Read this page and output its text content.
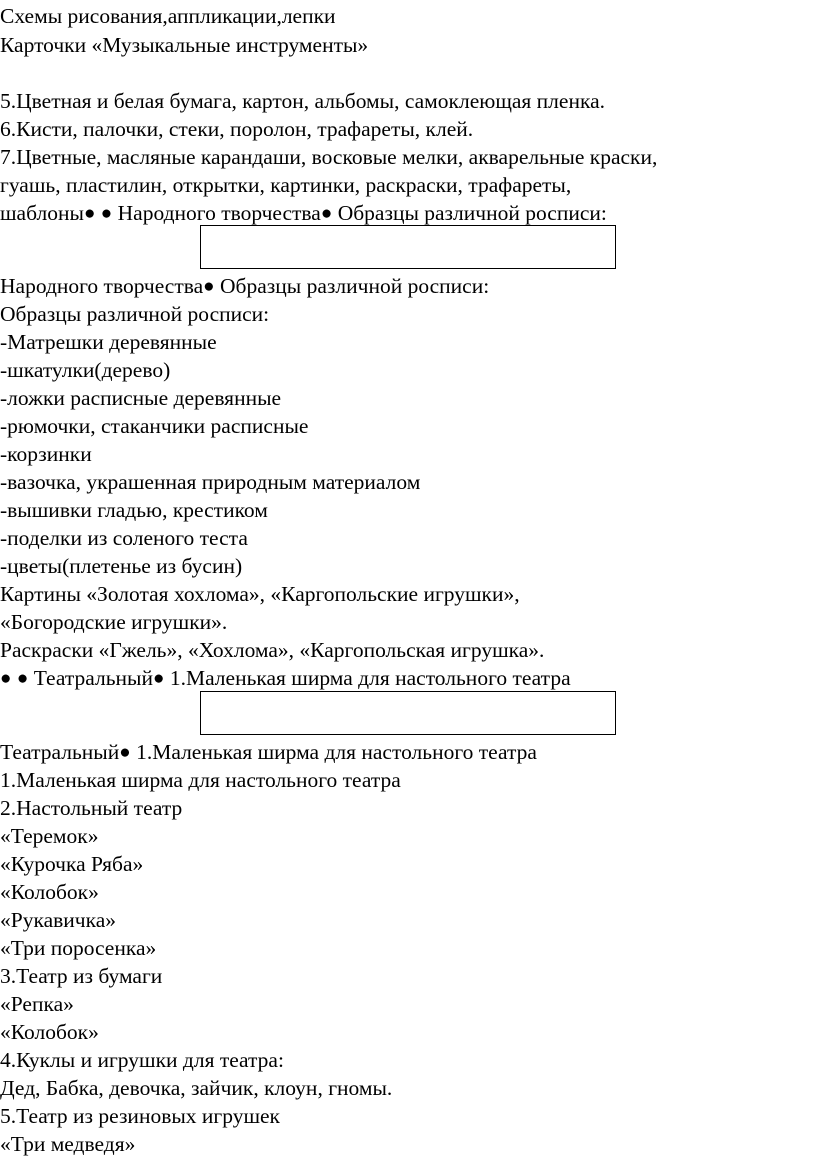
Схемы рисования,аппликации,лепки
Карточки «Музыкальные инструменты»
5.Цветная и белая бумага, картон, альбомы, самоклеющая пленка.
6.Кисти, палочки, стеки, поролон, трафареты, клей.
7.Цветные, масляные карандаши, восковые мелки, акварельные краски,
гуашь, пластилин, открытки, картинки, раскраски, трафареты,
шаблоны● ● Народного творчества● Образцы различной росписи:
Народного творчества● Образцы различной росписи:
Образцы различной росписи:
-Матрешки деревянные
-шкатулки(дерево)
-ложки расписные деревянные
-рюмочки, стаканчики расписные
-корзинки
-вазочка, украшенная природным материалом
-вышивки гладью, крестиком
-поделки из соленого теста
-цветы(плетенье из бусин)
Картины «Золотая хохлома», «Каргопольские игрушки»,
«Богородские игрушки».
Раскраски «Гжель», «Хохлома», «Каргопольская игрушка».
● ● Театральный● 1.Маленькая ширма для настольного театра
Театральный● 1.Маленькая ширма для настольного театра
1.Маленькая ширма для настольного театра
2.Настольный театр
«Теремок»
«Курочка Ряба»
«Колобок»
«Рукавичка»
«Три поросенка»
3.Театр из бумаги
«Репка»
«Колобок»
4.Куклы и игрушки для театра:
Дед, Бабка, девочка, зайчик, клоун, гномы.
5.Театр из резиновых игрушек
«Три медведя»
